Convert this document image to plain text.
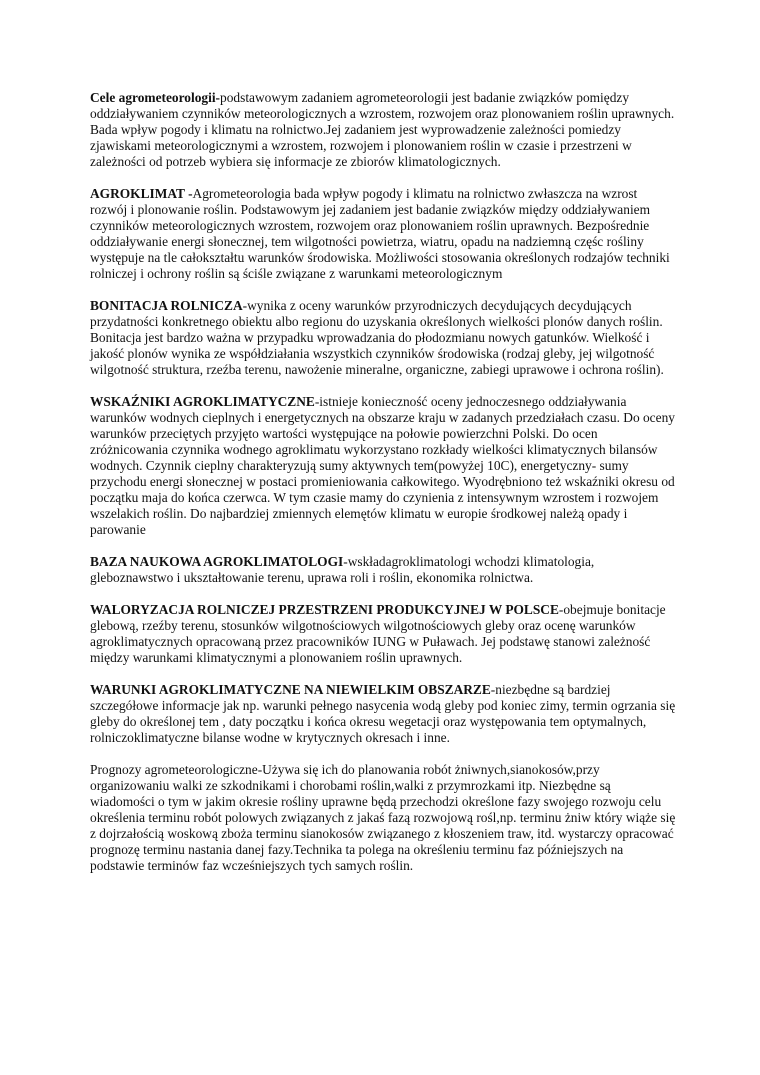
Cele agrometeorologii-podstawowym zadaniem agrometeorologii jest badanie związków pomiędzy oddziaływaniem czynników meteorologicznych a wzrostem, rozwojem oraz plonowaniem roślin uprawnych. Bada wpływ pogody i klimatu na rolnictwo.Jej zadaniem jest wyprowadzenie zależności pomiedzy zjawiskami meteorologicznymi a wzrostem, rozwojem i plonowaniem roślin w czasie i przestrzeni w zależności od potrzeb wybiera się informacje ze zbiorów klimatologicznych.

AGROKLIMAT -Agrometeorologia bada wpływ pogody i klimatu na rolnictwo zwłaszcza na wzrost rozwój i plonowanie roślin. Podstawowym jej zadaniem jest badanie związków między oddziaływaniem czynników meteorologicznych wzrostem, rozwojem oraz plonowaniem roślin uprawnych. Bezpośrednie oddziaływanie energi słonecznej, tem wilgotności powietrza, wiatru, opadu na nadziemną częśc rośliny występuje na tle całokształtu warunków środowiska. Możliwości stosowania określonych rodzajów techniki rolniczej i ochrony roślin są ściśle związane z warunkami meteorologicznym

BONITACJA ROLNICZA-wynika z oceny warunków przyrodniczych decydujących decydujących przydatności konkretnego obiektu albo regionu do uzyskania określonych wielkości plonów danych roślin. Bonitacja jest bardzo ważna w przypadku wprowadzania do płodozmianu nowych gatunków. Wielkość i jakość plonów wynika ze współdziałania wszystkich czynników środowiska (rodzaj gleby, jej wilgotność wilgotność struktura, rzeźba terenu, nawożenie mineralne, organiczne, zabiegi uprawowe i ochrona roślin).

WSKAŹNIKI AGROKLIMATYCZNE-istnieje konieczność oceny jednoczesnego oddziaływania warunków wodnych cieplnych i energetycznych na obszarze kraju w zadanych przedziałach czasu. Do oceny warunków przeciętych przyjęto wartości występujące na połowie powierzchni Polski. Do ocen zróżnicowania czynnika wodnego agroklimatu wykorzystano rozkłady wielkości klimatycznych bilansów wodnych. Czynnik cieplny charakteryzują sumy aktywnych tem(powyżej 10C), energetyczny- sumy przychodu energi słonecznej w postaci promieniowania całkowitego. Wyodrębniono też wskaźniki okresu od początku maja do końca czerwca. W tym czasie mamy do czynienia z intensywnym wzrostem i rozwojem wszelakich roślin. Do najbardziej zmiennych elemętów klimatu w europie środkowej należą opady i parowanie

BAZA NAUKOWA AGROKLIMATOLOGI-wskładagroklimatologi wchodzi klimatologia, gleboznawstwo i ukształtowanie terenu, uprawa roli i roślin, ekonomika rolnictwa.

WALORYZACJA ROLNICZEJ PRZESTRZENI PRODUKCYJNEJ W POLSCE-obejmuje bonitacje glebową, rzeźby terenu, stosunków wilgotnościowych wilgotnościowych gleby oraz ocenę warunków agroklimatycznych opracowaną przez pracowników IUNG w Puławach. Jej podstawę stanowi zależność między warunkami klimatycznymi a plonowaniem roślin uprawnych.

WARUNKI AGROKLIMATYCZNE NA NIEWIELKIM OBSZARZE-niezbędne są bardziej szczegółowe informacje jak np. warunki pełnego nasycenia wodą gleby pod koniec zimy, termin ogrzania się gleby do określonej tem , daty początku i końca okresu wegetacji oraz występowania tem optymalnych, rolniczoklimatyczne bilanse wodne w krytycznych okresach i inne.

Prognozy agrometeorologiczne-Używa się ich do planowania robót żniwnych,sianokosów,przy organizowaniu walki ze szkodnikami i chorobami roślin,walki z przymrozkami itp. Niezbędne są wiadomości o tym w jakim okresie rośliny uprawne będą przechodzi określone fazy swojego rozwoju celu określenia terminu robót polowych związanych z jakaś fazą rozwojową rośl,np. terminu żniw który wiąże się z dojrzałością woskową zboża terminu sianokosów związanego z kłoszeniem traw, itd. wystarczy opracować prognozę terminu nastania danej fazy.Technika ta polega na określeniu terminu faz późniejszych na podstawie terminów faz wcześniejszych tych samych roślin.
